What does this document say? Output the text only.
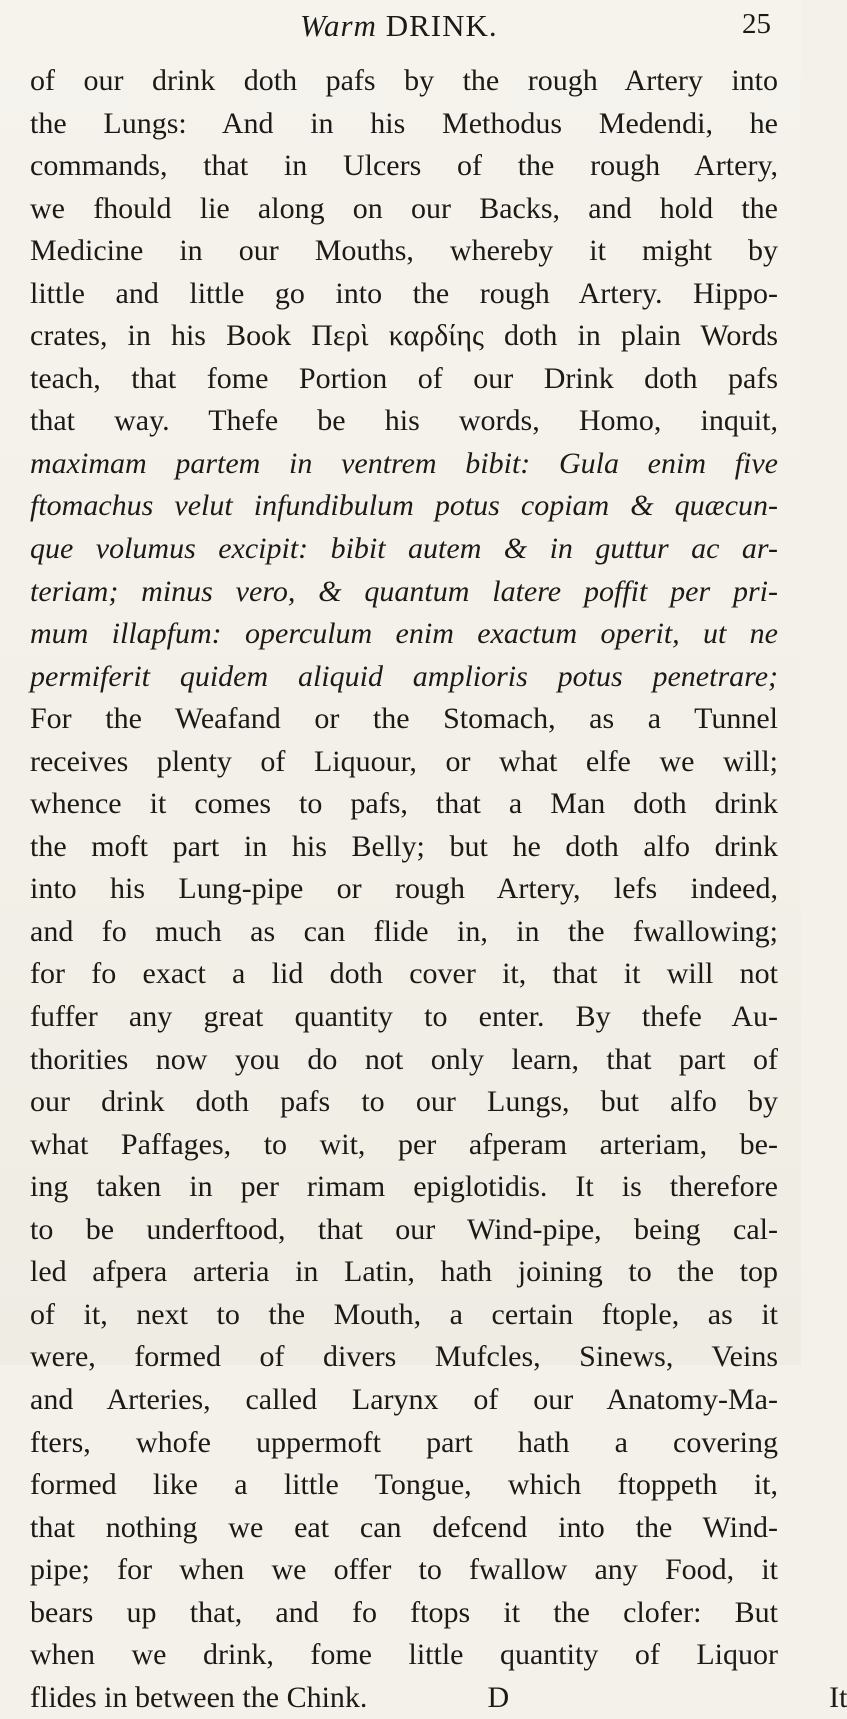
Warm DRINK.	25
of our drink doth pafs by the rough Artery into
the Lungs: And in his Methodus Medendi, he
commands, that in Ulcers of the rough Artery,
we fhould lie along on our Backs, and hold the
Medicine in our Mouths, whereby it might by
little and little go into the rough Artery. Hippo-
crates, in his Book Περὶ καρδίης doth in plain Words
teach, that fome Portion of our Drink doth pafs
that way. Thefe be his words, Homo, inquit,
maximam partem in ventrem bibit: Gula enim five
ftomachus velut infundibulum potus copiam & quæcun-
que volumus excipit: bibit autem & in guttur ac ar-
teriam; minus vero, & quantum latere poffit per pri-
mum illapfum: operculum enim exactum operit, ut ne
permiferit quidem aliquid amplioris potus penetrare;
For the Weafand or the Stomach, as a Tunnel
receives plenty of Liquour, or what elfe we will;
whence it comes to pafs, that a Man doth drink
the moft part in his Belly; but he doth alfo drink
into his Lung-pipe or rough Artery, lefs indeed,
and fo much as can flide in, in the fwallowing;
for fo exact a lid doth cover it, that it will not
fuffer any great quantity to enter. By thefe Au-
thorities now you do not only learn, that part of
our drink doth pafs to our Lungs, but alfo by
what Paffages, to wit, per afperam arteriam, be-
ing taken in per rimam epiglotidis. It is therefore
to be underftood, that our Wind-pipe, being cal-
led afpera arteria in Latin, hath joining to the top
of it, next to the Mouth, a certain ftople, as it
were, formed of divers Mufcles, Sinews, Veins
and Arteries, called Larynx of our Anatomy-Ma-
fters, whofe uppermoft part hath a covering
formed like a little Tongue, which ftoppeth it,
that nothing we eat can defcend into the Wind-
pipe; for when we offer to fwallow any Food, it
bears up that, and fo ftops it the clofer: But
when we drink, fome little quantity of Liquor
flides in between the Chink.	D	It
